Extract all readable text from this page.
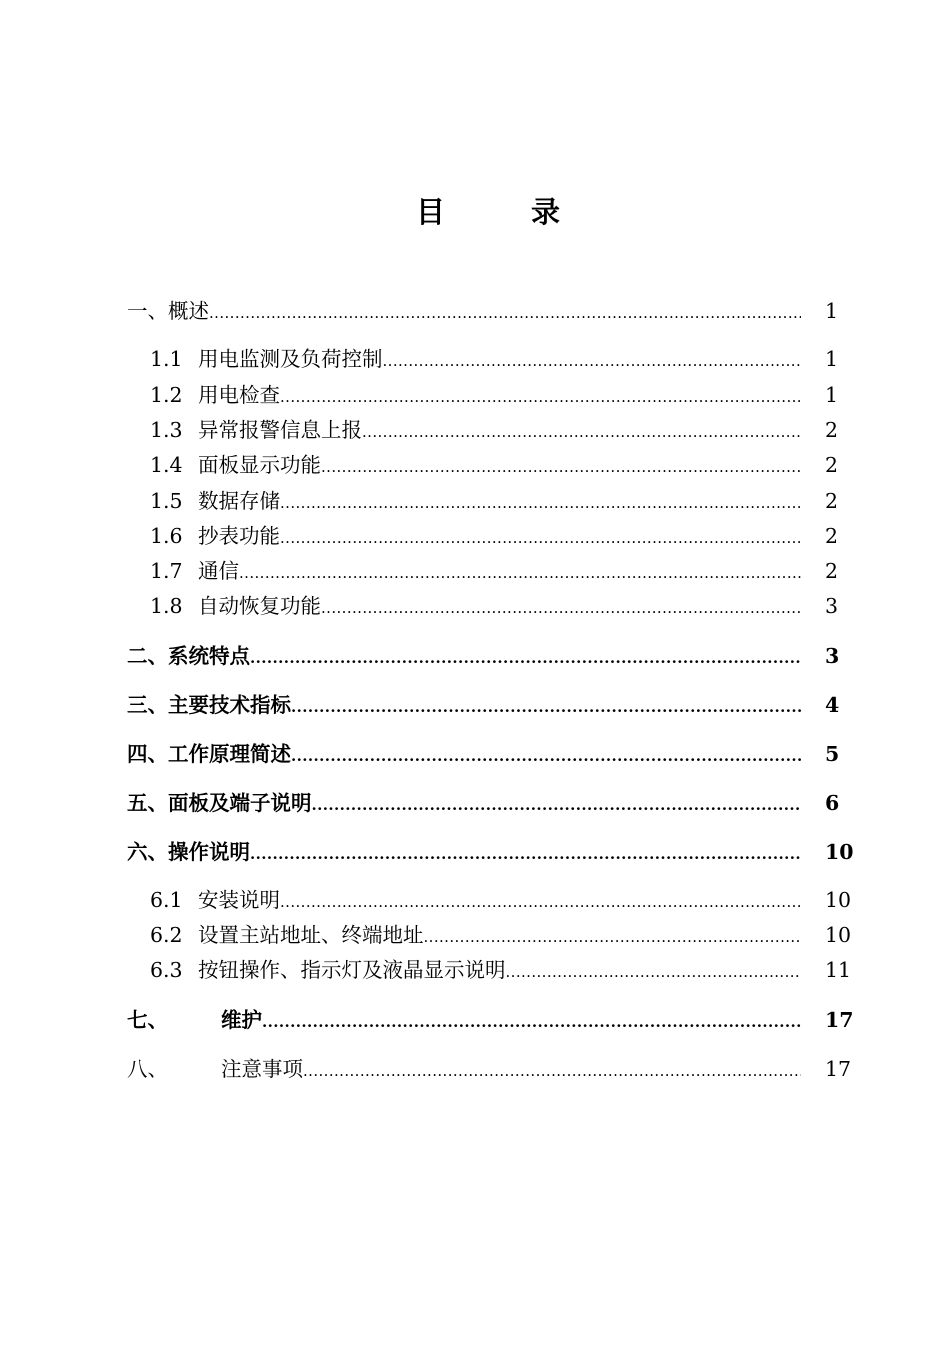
目	录
一、 概述 .....	1
1.1 用电监测及负荷控制 .....	1
1.2 用电检查 .....	1
1.3 异常报警信息上报 .....	2
1.4 面板显示功能 .....	2
1.5 数据存储 .....	2
1.6 抄表功能 .....	2
1.7 通信 .....	2
1.8 自动恢复功能 .....	3
二、 系统特点 .....	3
三、 主要技术指标 .....	4
四、 工作原理简述 .....	5
五、 面板及端子说明 .....	6
六、 操作说明 .....	10
6.1 安装说明 .....	10
6.2 设置主站地址、终端地址 .....	10
6.3 按钮操作、指示灯及液晶显示说明 .....	11
七、	维护 .....	17
八、	注意事项 .....	17
